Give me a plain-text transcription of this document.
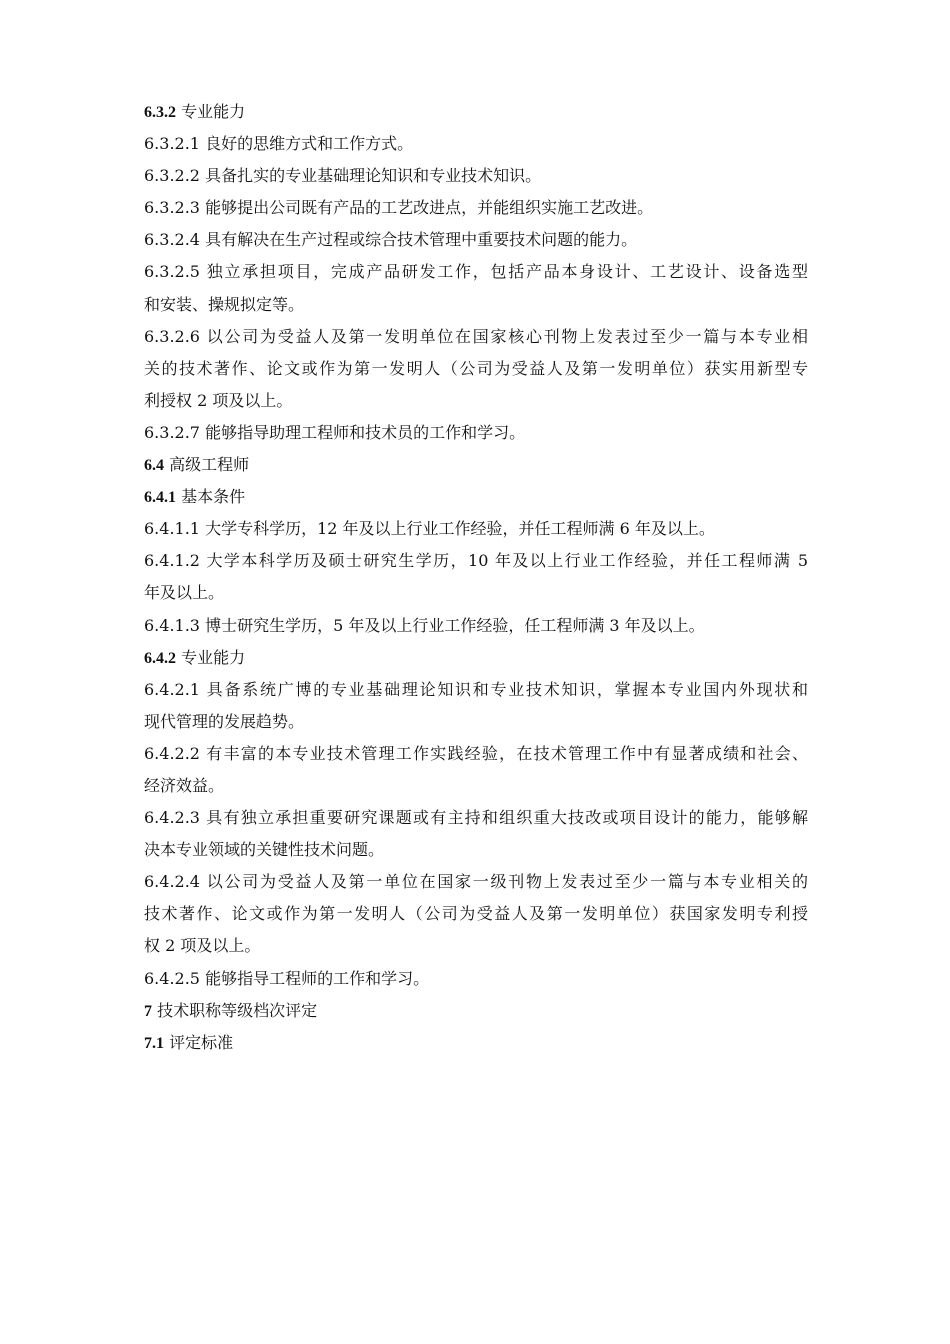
6.3.2 专业能力
6.3.2.1 良好的思维方式和工作方式。
6.3.2.2 具备扎实的专业基础理论知识和专业技术知识。
6.3.2.3 能够提出公司既有产品的工艺改进点，并能组织实施工艺改进。
6.3.2.4 具有解决在生产过程或综合技术管理中重要技术问题的能力。
6.3.2.5 独立承担项目，完成产品研发工作，包括产品本身设计、工艺设计、设备选型
和安装、操规拟定等。
6.3.2.6 以公司为受益人及第一发明单位在国家核心刊物上发表过至少一篇与本专业相
关的技术著作、论文或作为第一发明人（公司为受益人及第一发明单位）获实用新型专
利授权 2 项及以上。
6.3.2.7 能够指导助理工程师和技术员的工作和学习。
6.4 高级工程师
6.4.1 基本条件
6.4.1.1 大学专科学历，12 年及以上行业工作经验，并任工程师满 6 年及以上。
6.4.1.2 大学本科学历及硕士研究生学历，10 年及以上行业工作经验，并任工程师满 5
年及以上。
6.4.1.3 博士研究生学历，5 年及以上行业工作经验，任工程师满 3 年及以上。
6.4.2 专业能力
6.4.2.1 具备系统广博的专业基础理论知识和专业技术知识，掌握本专业国内外现状和
现代管理的发展趋势。
6.4.2.2 有丰富的本专业技术管理工作实践经验，在技术管理工作中有显著成绩和社会、
经济效益。
6.4.2.3 具有独立承担重要研究课题或有主持和组织重大技改或项目设计的能力，能够解
决本专业领域的关键性技术问题。
6.4.2.4 以公司为受益人及第一单位在国家一级刊物上发表过至少一篇与本专业相关的
技术著作、论文或作为第一发明人（公司为受益人及第一发明单位）获国家发明专利授
权 2 项及以上。
6.4.2.5 能够指导工程师的工作和学习。
7 技术职称等级档次评定
7.1 评定标准
